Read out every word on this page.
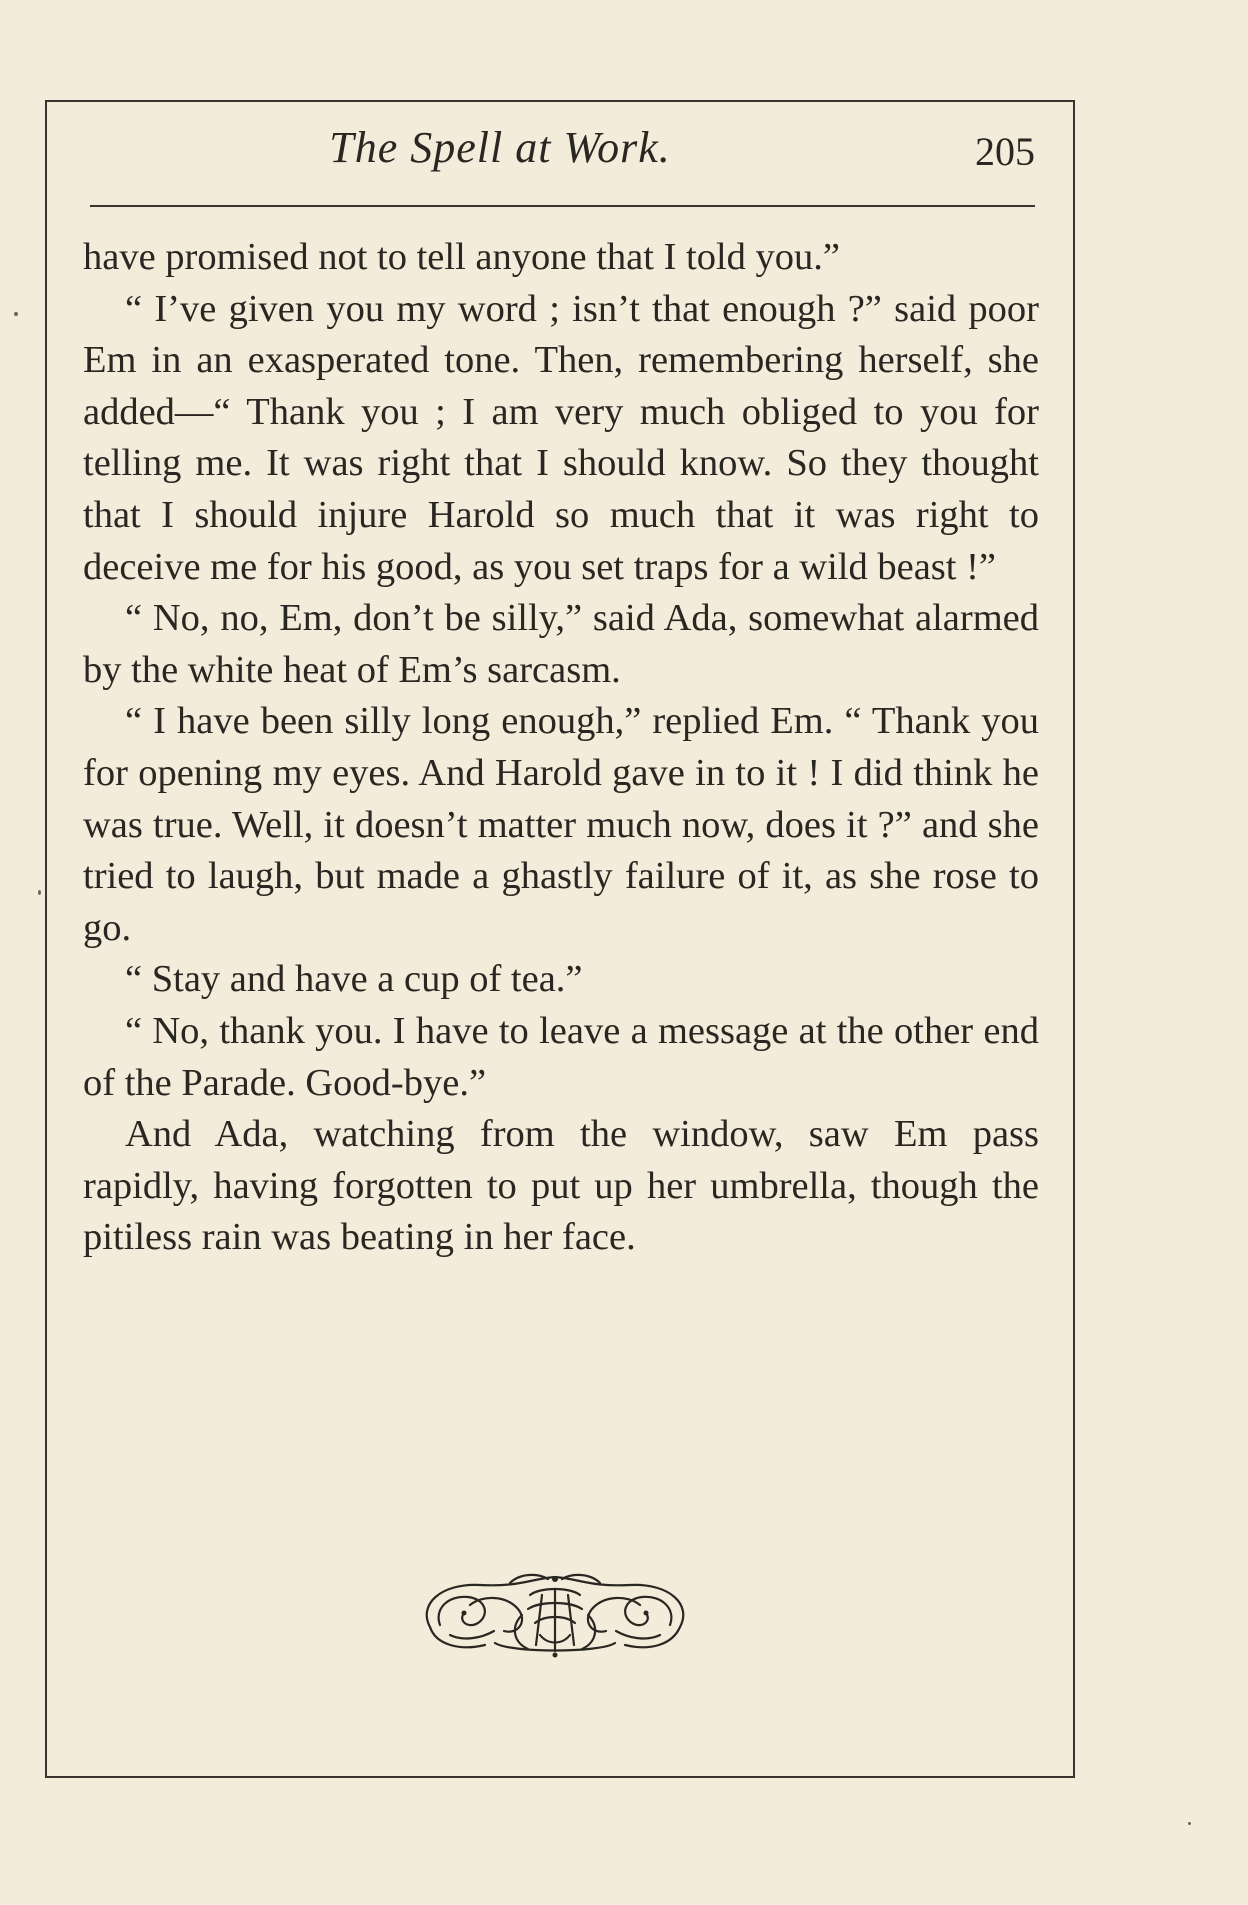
The Spell at Work.	205

have promised not to tell anyone that I told you.”

“ I’ve given you my word ; isn’t that enough ?” said poor Em in an exasperated tone. Then, remembering herself, she added—“ Thank you ; I am very much obliged to you for telling me. It was right that I should know. So they thought that I should injure Harold so much that it was right to deceive me for his good, as you set traps for a wild beast !”

“ No, no, Em, don’t be silly,” said Ada, somewhat alarmed by the white heat of Em’s sarcasm.

“ I have been silly long enough,” replied Em. “ Thank you for opening my eyes. And Harold gave in to it ! I did think he was true. Well, it doesn’t matter much now, does it ?” and she tried to laugh, but made a ghastly failure of it, as she rose to go.

“ Stay and have a cup of tea.”

“ No, thank you. I have to leave a message at the other end of the Parade. Good-bye.”

And Ada, watching from the window, saw Em pass rapidly, having forgotten to put up her umbrella, though the pitiless rain was beating in her face.
